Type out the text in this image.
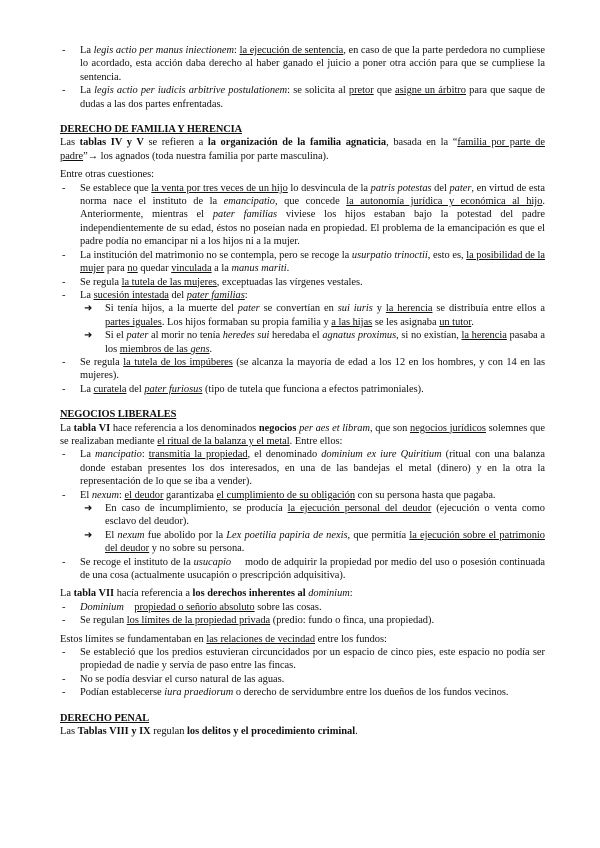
- La legis actio per manus iniectionem: la ejecución de sentencia, en caso de que la parte perdedora no cumpliese lo acordado, esta acción daba derecho al haber ganado el juicio a poner otra acción para que se cumpliese la sentencia.
- La legis actio per iudicis arbitrive postulationem: se solicita al pretor que asigne un árbitro para que saque de dudas a las dos partes enfrentadas.
DERECHO DE FAMILIA Y HERENCIA

Las tablas IV y V se refieren a la organización de la familia agnaticia, basada en la “familia por parte de padre”→ los agnados (toda nuestra familia por parte masculina).

Entre otras cuestiones:

- Se establece que la venta por tres veces de un hijo lo desvincula de la patris potestas del pater, en virtud de esta norma nace el instituto de la emancipatio, que concede la autonomía jurídica y económica al hijo. Anteriormente, mientras el pater familias viviese los hijos estaban bajo la potestad del padre independientemente de su edad, éstos no poseían nada en propiedad. El problema de la emancipación es que el padre podía no emancipar ni a los hijos ni a la mujer.
- La institución del matrimonio no se contempla, pero se recoge la usurpatio trinoctii, esto es, la posibilidad de la mujer para no quedar vinculada a la manus mariti.
- Se regula la tutela de las mujeres, exceptuadas las vírgenes vestales.
- La sucesión intestada del pater familias:
➜ Si tenía hijos, a la muerte del pater se convertían en sui iuris y la herencia se distribuía entre ellos a partes iguales. Los hijos formaban su propia familia y a las hijas se les asignaba un tutor.
➜ Si el pater al morir no tenía heredes sui heredaba el agnatus proximus, si no existían, la herencia pasaba a los miembros de las gens.
- Se regula la tutela de los impúberes (se alcanza la mayoría de edad a los 12 en los hombres, y con 14 en las mujeres).
- La curatela del pater furiosus (tipo de tutela que funciona a efectos patrimoniales).
NEGOCIOS LIBERALES

La tabla VI hace referencia a los denominados negocios per aes et libram, que son negocios jurídicos solemnes que se realizaban mediante el ritual de la balanza y el metal. Entre ellos:

- La mancipatio: transmitía la propiedad, el denominado dominium ex iure Quiritium (ritual con una balanza donde estaban presentes los dos interesados, en una de las bandejas el metal (dinero) y en la otra la representación de lo que se iba a vender).
- El nexum: el deudor garantizaba el cumplimiento de su obligación con su persona hasta que pagaba.
➜ En caso de incumplimiento, se producía la ejecución personal del deudor (ejecución o venta como esclavo del deudor).
➜ El nexum fue abolido por la Lex poetilia papiria de nexis, que permitía la ejecución sobre el patrimonio del deudor y no sobre su persona.
- Se recoge el instituto de la usucapio     modo de adquirir la propiedad por medio del uso o posesión continuada de una cosa (actualmente usucapión o prescripción adquisitiva).

La tabla VII hacía referencia a los derechos inherentes al dominium:

- Dominium propiedad o señorío absoluto sobre las cosas.
- Se regulan los límites de la propiedad privada (predio: fundo o finca, una propiedad).

Estos límites se fundamentaban en las relaciones de vecindad entre los fundos:

- Se estableció que los predios estuvieran circuncidados por un espacio de cinco pies, este espacio no podía ser propiedad de nadie y servía de paso entre las fincas.
- No se podía desviar el curso natural de las aguas.
- Podían establecerse iura praediorum o derecho de servidumbre entre los dueños de los fundos vecinos.
DERECHO PENAL

Las Tablas VIII y IX regulan los delitos y el procedimiento criminal.
